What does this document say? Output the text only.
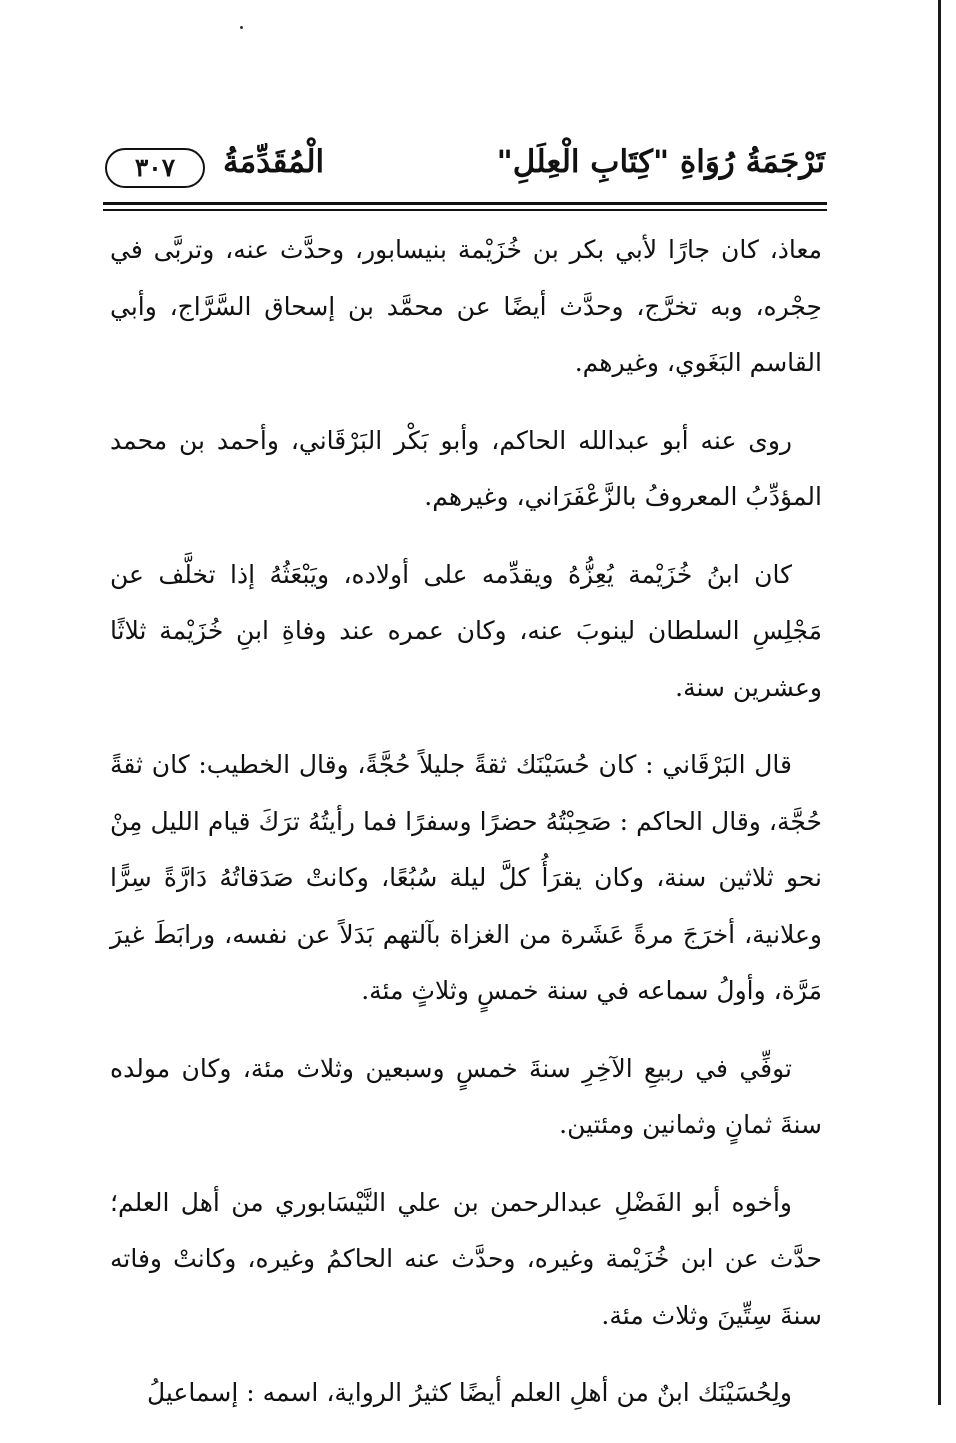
تَرْجَمَةُ رُوَاةِ "كِتَابِ الْعِلَلِ"
الْمُقَدِّمَةُ
٣٠٧

معاذ، كان جارًا لأبي بكر بن خُزَيْمة بنيسابور، وحدَّث عنه، وتربَّى في حِجْره، وبه تخرَّج، وحدَّث أيضًا عن محمَّد بن إسحاق السَّرَّاج، وأبي القاسم البَغَوي، وغيرهم.

روى عنه أبو عبدالله الحاكم، وأبو بَكْر البَرْقَاني، وأحمد بن محمد المؤدِّبُ المعروفُ بالزَّعْفَرَاني، وغيرهم.

كان ابنُ خُزَيْمة يُعِزُّهُ ويقدِّمه على أولاده، ويَبْعَثُهُ إذا تخلَّف عن مَجْلِسِ السلطان لينوبَ عنه، وكان عمره عند وفاةِ ابنِ خُزَيْمة ثلاثًا وعشرين سنة.

قال البَرْقَاني : كان حُسَيْنَك ثقةً جليلاً حُجَّةً، وقال الخطيب: كان ثقةً حُجَّة، وقال الحاكم : صَحِبْتُهُ حضرًا وسفرًا فما رأيتُهُ ترَكَ قيام الليل مِنْ نحو ثلاثين سنة، وكان يقرَأُ كلَّ ليلة سُبُعًا، وكانتْ صَدَقاتُهُ دَارَّةً سِرًّا وعلانية، أخرَجَ مرةً عَشَرة من الغزاة بآلتهم بَدَلاً عن نفسه، ورابَطَ غيرَ مَرَّة، وأولُ سماعه في سنة خمسٍ وثلاثٍ مئة.

توفِّي في ربيعِ الآخِرِ سنةَ خمسٍ وسبعين وثلاث مئة، وكان مولده سنةَ ثمانٍ وثمانين ومئتين.

وأخوه أبو الفَضْلِ عبدالرحمن بن علي النَّيْسَابوري من أهل العلم؛ حدَّث عن ابن خُزَيْمة وغيره، وحدَّث عنه الحاكمُ وغيره، وكانتْ وفاته سنةَ سِتِّينَ وثلاث مئة.

ولِحُسَيْنَك ابنٌ من أهلِ العلم أيضًا كثيرُ الرواية، اسمه : إسماعيلُ
